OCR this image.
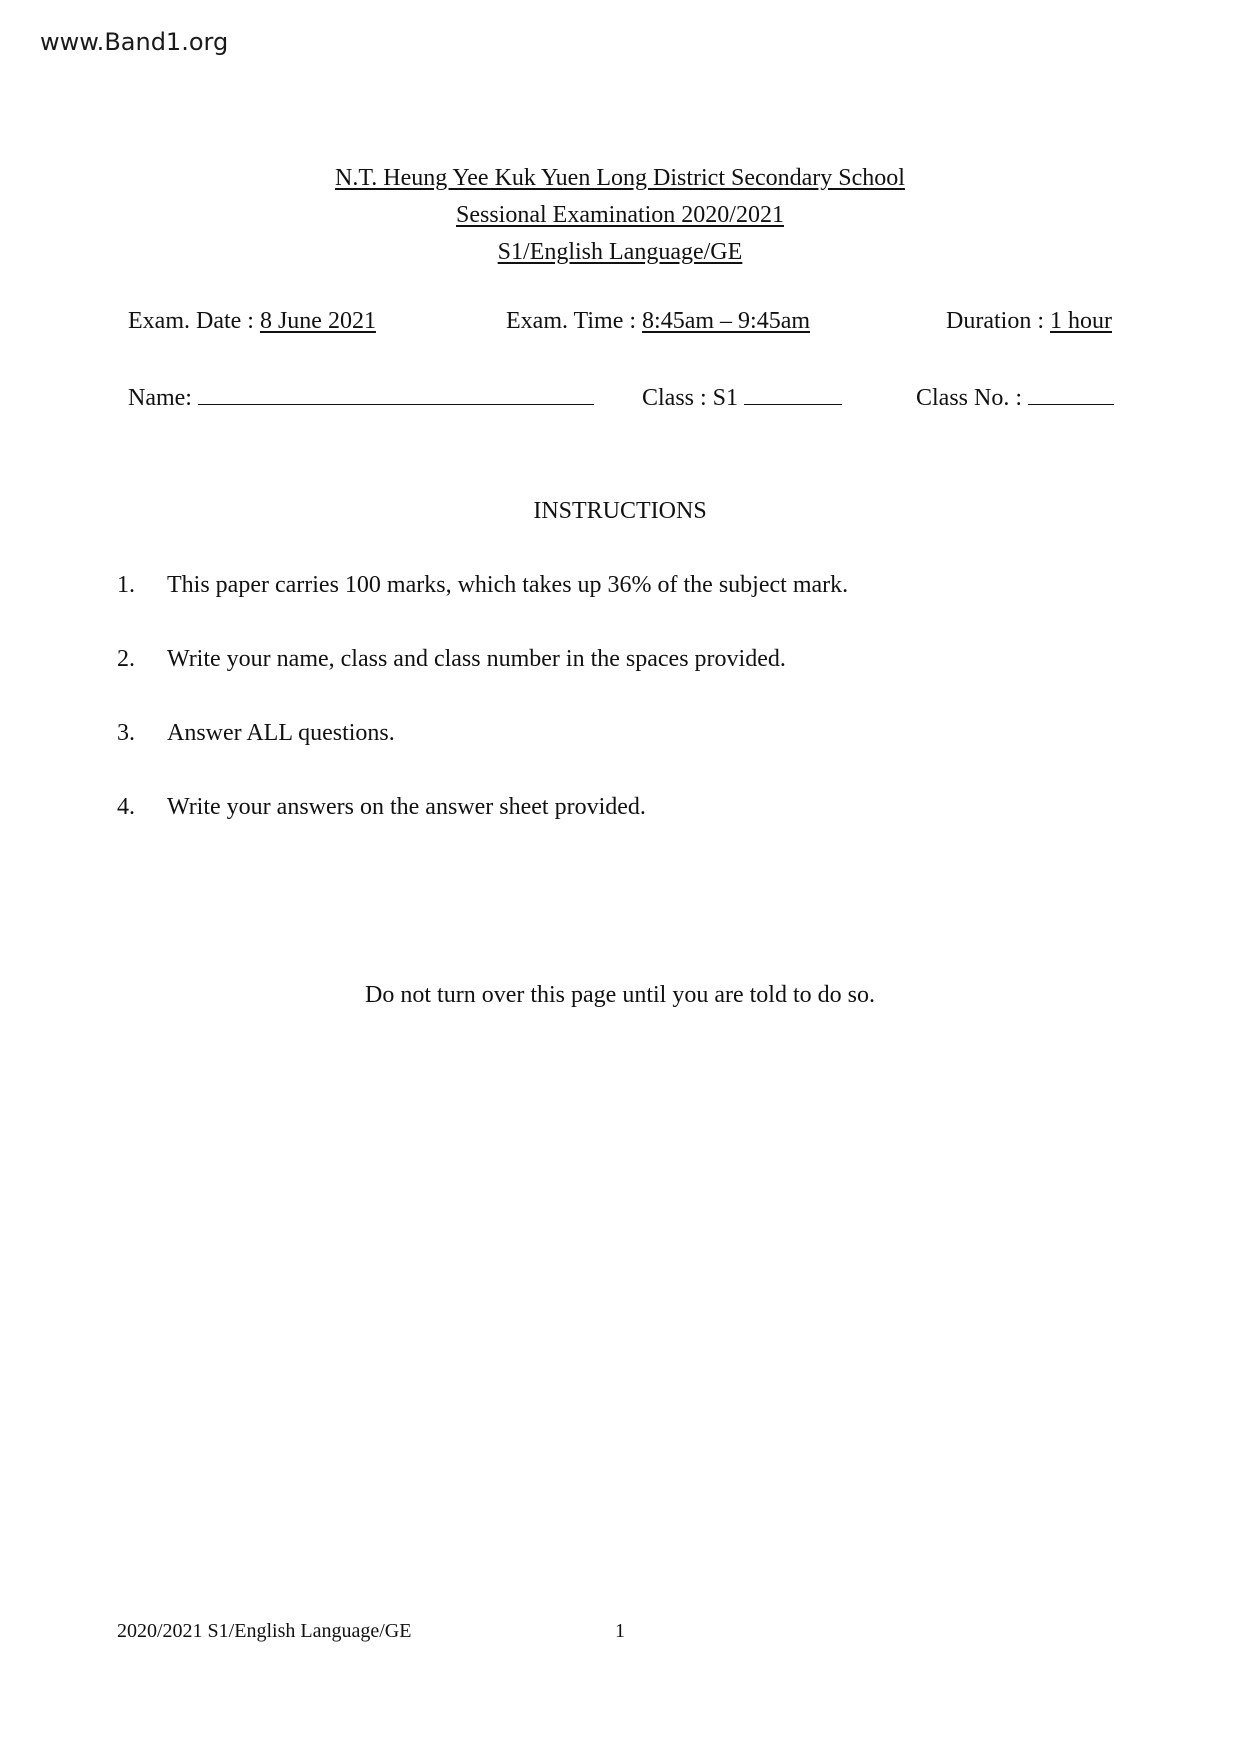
www.Band1.org
N.T. Heung Yee Kuk Yuen Long District Secondary School
Sessional Examination 2020/2021
S1/English Language/GE
Exam. Date : 8 June 2021	Exam. Time : 8:45am – 9:45am	Duration : 1 hour
Name:	Class : S1	Class No. :
INSTRUCTIONS
1. This paper carries 100 marks, which takes up 36% of the subject mark.
2. Write your name, class and class number in the spaces provided.
3. Answer ALL questions.
4. Write your answers on the answer sheet provided.
Do not turn over this page until you are told to do so.
2020/2021 S1/English Language/GE	1
